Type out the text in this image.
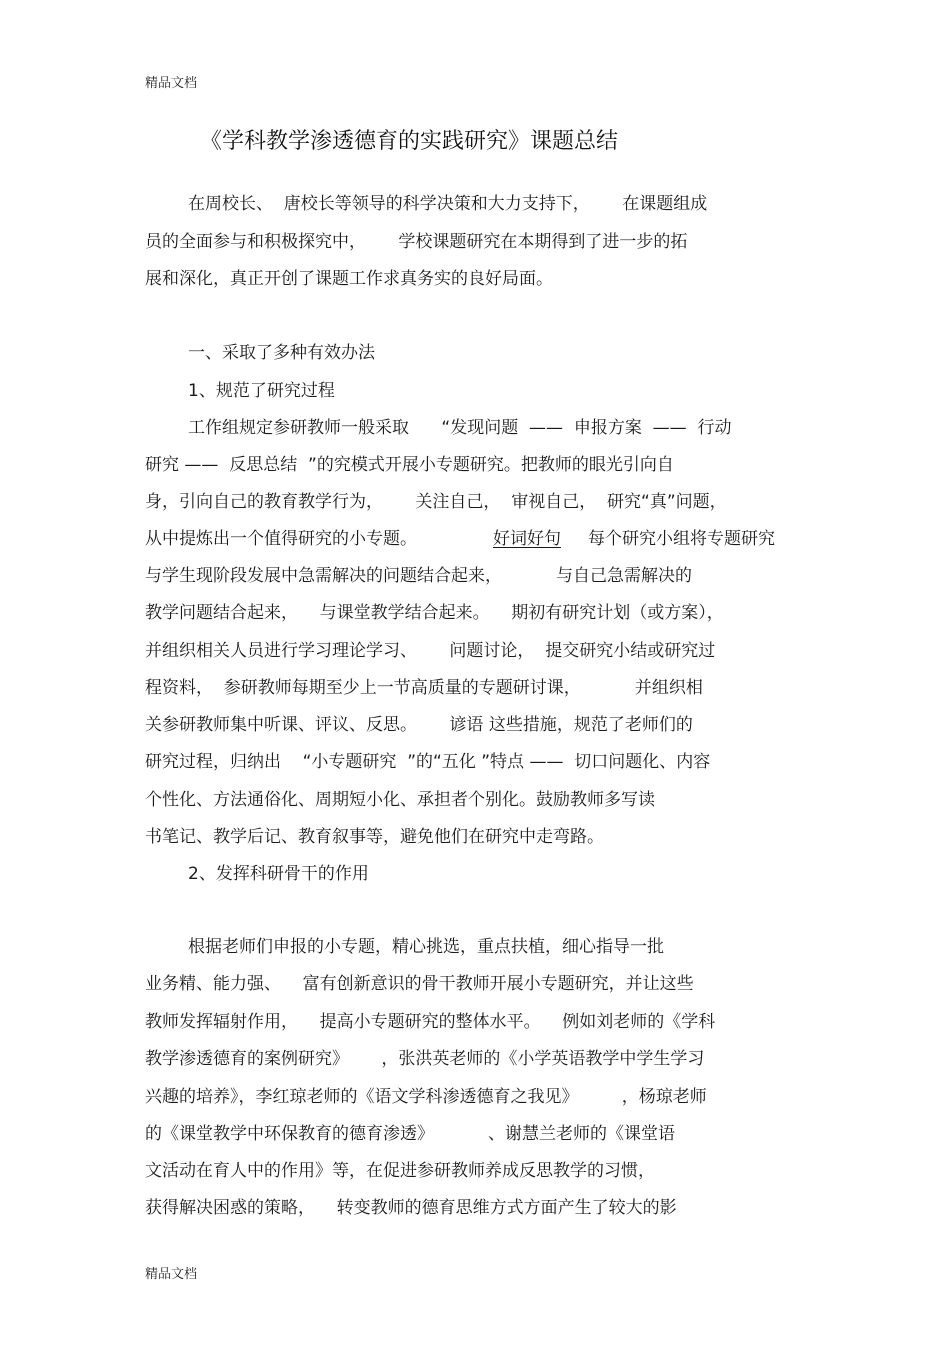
精品文档
《学科教学渗透德育的实践研究》课题总结
在周校长、  唐校长等领导的科学决策和大力支持下，      在课题组成
员的全面参与和积极探究中，      学校课题研究在本期得到了进一步的拓
展和深化，真正开创了课题工作求真务实的良好局面。
一、采取了多种有效办法
1、规范了研究过程
工作组规定参研教师一般采取      “发现问题  ——  申报方案  ——  行动
研究 ——  反思总结  ”的究模式开展小专题研究。把教师的眼光引向自
身，引向自己的教育教学行为，      关注自己，  审视自己，  研究“真”问题，
从中提炼出一个值得研究的小专题。	好词好句 每个研究小组将专题研究
与学生现阶段发展中急需解决的问题结合起来，          与自己急需解决的
教学问题结合起来，    与课堂教学结合起来。    期初有研究计划（或方案），
并组织相关人员进行学习理论学习、      问题讨论，  提交研究小结或研究过
程资料，  参研教师每期至少上一节高质量的专题研讨课，          并组织相
关参研教师集中听课、评议、反思。      谚语 这些措施，规范了老师们的
研究过程，归纳出    “小专题研究  ”的“五化 ”特点 ——  切口问题化、内容
个性化、方法通俗化、周期短小化、承担者个别化。鼓励教师多写读
书笔记、教学后记、教育叙事等，避免他们在研究中走弯路。
2、发挥科研骨干的作用
根据老师们申报的小专题，精心挑选，重点扶植，细心指导一批
业务精、能力强、    富有创新意识的骨干教师开展小专题研究，并让这些
教师发挥辐射作用，    提高小专题研究的整体水平。    例如刘老师的《学科
教学渗透德育的案例研究》      ，张洪英老师的《小学英语教学中学生学习
兴趣的培养》，李红琼老师的《语文学科渗透德育之我见》        ，杨琼老师
的《课堂教学中环保教育的德育渗透》          、谢慧兰老师的《课堂语
文活动在育人中的作用》等，在促进参研教师养成反思教学的习惯，
获得解决困惑的策略，    转变教师的德育思维方式方面产生了较大的影
精品文档
